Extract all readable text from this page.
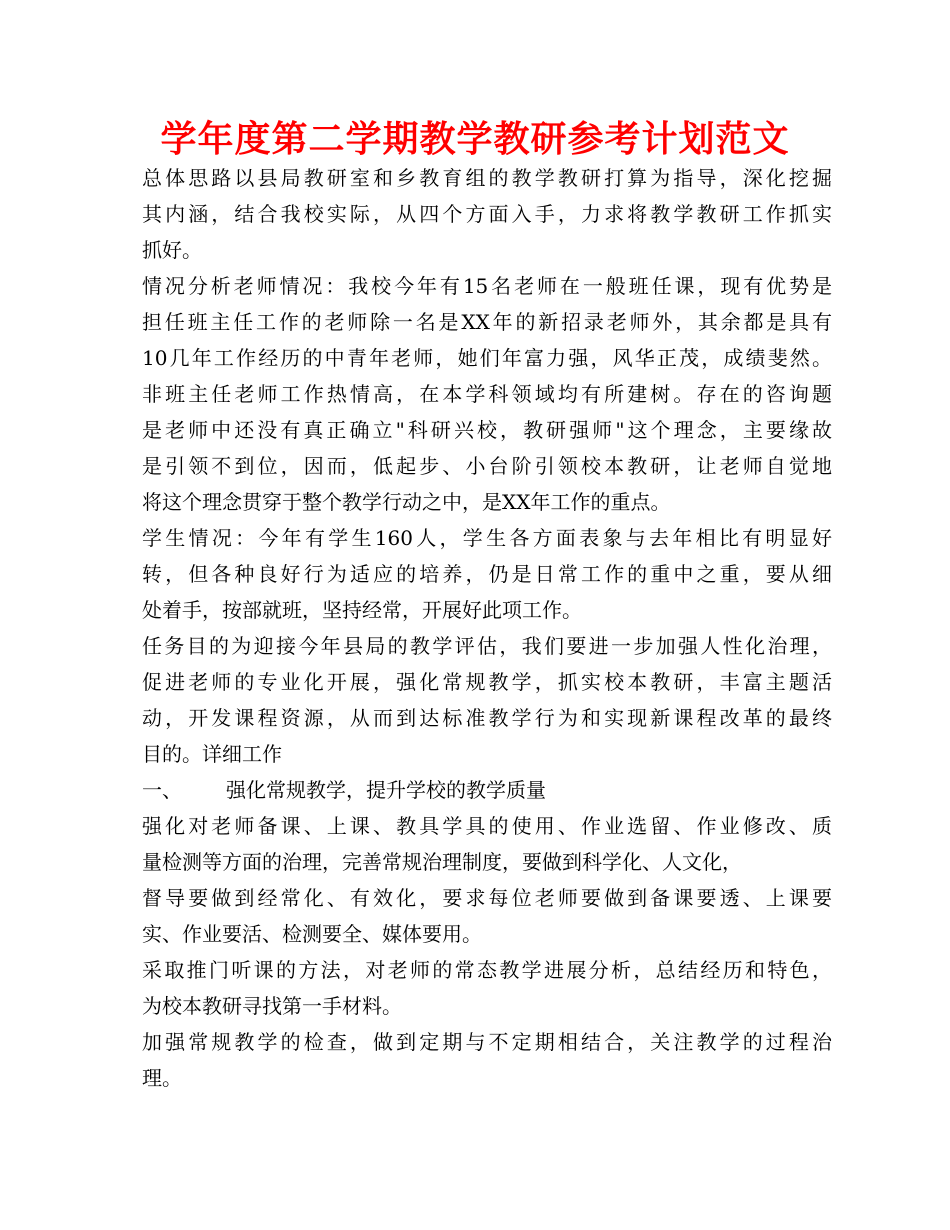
学年度第二学期教学教研参考计划范文
总体思路以县局教研室和乡教育组的教学教研打算为指导，深化挖掘
其内涵，结合我校实际，从四个方面入手，力求将教学教研工作抓实
抓好。
情况分析老师情况：我校今年有15名老师在一般班任课，现有优势是
担任班主任工作的老师除一名是XX年的新招录老师外，其余都是具有
10几年工作经历的中青年老师，她们年富力强，风华正茂，成绩斐然。
非班主任老师工作热情高，在本学科领域均有所建树。存在的咨询题
是老师中还没有真正确立"科研兴校，教研强师"这个理念，主要缘故
是引领不到位，因而，低起步、小台阶引领校本教研，让老师自觉地
将这个理念贯穿于整个教学行动之中，是XX年工作的重点。
学生情况：今年有学生160人，学生各方面表象与去年相比有明显好
转，但各种良好行为适应的培养，仍是日常工作的重中之重，要从细
处着手，按部就班，坚持经常，开展好此项工作。
任务目的为迎接今年县局的教学评估，我们要进一步加强人性化治理，
促进老师的专业化开展，强化常规教学，抓实校本教研，丰富主题活
动，开发课程资源，从而到达标准教学行为和实现新课程改革的最终
目的。详细工作
一、	强化常规教学，提升学校的教学质量
强化对老师备课、上课、教具学具的使用、作业选留、作业修改、质
量检测等方面的治理，完善常规治理制度，要做到科学化、人文化，
督导要做到经常化、有效化，要求每位老师要做到备课要透、上课要
实、作业要活、检测要全、媒体要用。
采取推门听课的方法，对老师的常态教学进展分析，总结经历和特色，
为校本教研寻找第一手材料。
加强常规教学的检查，做到定期与不定期相结合，关注教学的过程治
理。
